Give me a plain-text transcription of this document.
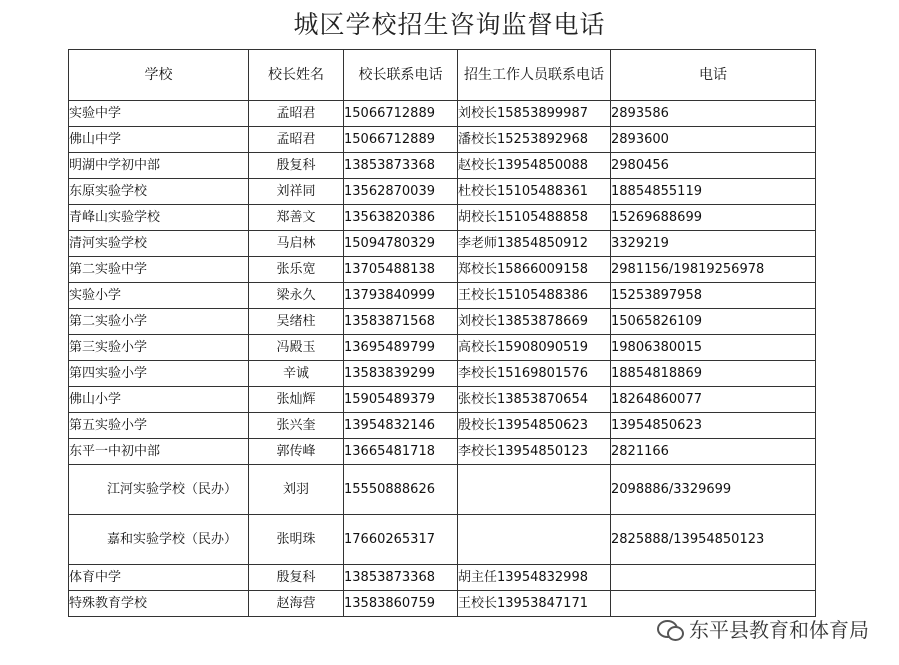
城区学校招生咨询监督电话
学校	校长姓名	校长联系电话	招生工作人员联系电话	电话
实验中学	孟昭君	15066712889	刘校长15853899987	2893586
佛山中学	孟昭君	15066712889	潘校长15253892968	2893600
明湖中学初中部	殷复科	13853873368	赵校长13954850088	2980456
东原实验学校	刘祥同	13562870039	杜校长15105488361	18854855119
青峰山实验学校	郑善文	13563820386	胡校长15105488858	15269688699
清河实验学校	马启林	15094780329	李老师13854850912	3329219
第二实验中学	张乐宽	13705488138	郑校长15866009158	2981156/19819256978
实验小学	梁永久	13793840999	王校长15105488386	15253897958
第二实验小学	吴绪柱	13583871568	刘校长13853878669	15065826109
第三实验小学	冯殿玉	13695489799	高校长15908090519	19806380015
第四实验小学	辛诚	13583839299	李校长15169801576	18854818869
佛山小学	张灿辉	15905489379	张校长13853870654	18264860077
第五实验小学	张兴奎	13954832146	殷校长13954850623	13954850623
东平一中初中部	郭传峰	13665481718	李校长13954850123	2821166

江河实验学校（民办）	刘羽	15550888626		2098886/3329699

嘉和实验学校（民办）	张明珠	17660265317		2825888/13954850123
体育中学	殷复科	13853873368	胡主任13954832998	
特殊教育学校	赵海营	13583860759	王校长13953847171	
东平县教育和体育局
